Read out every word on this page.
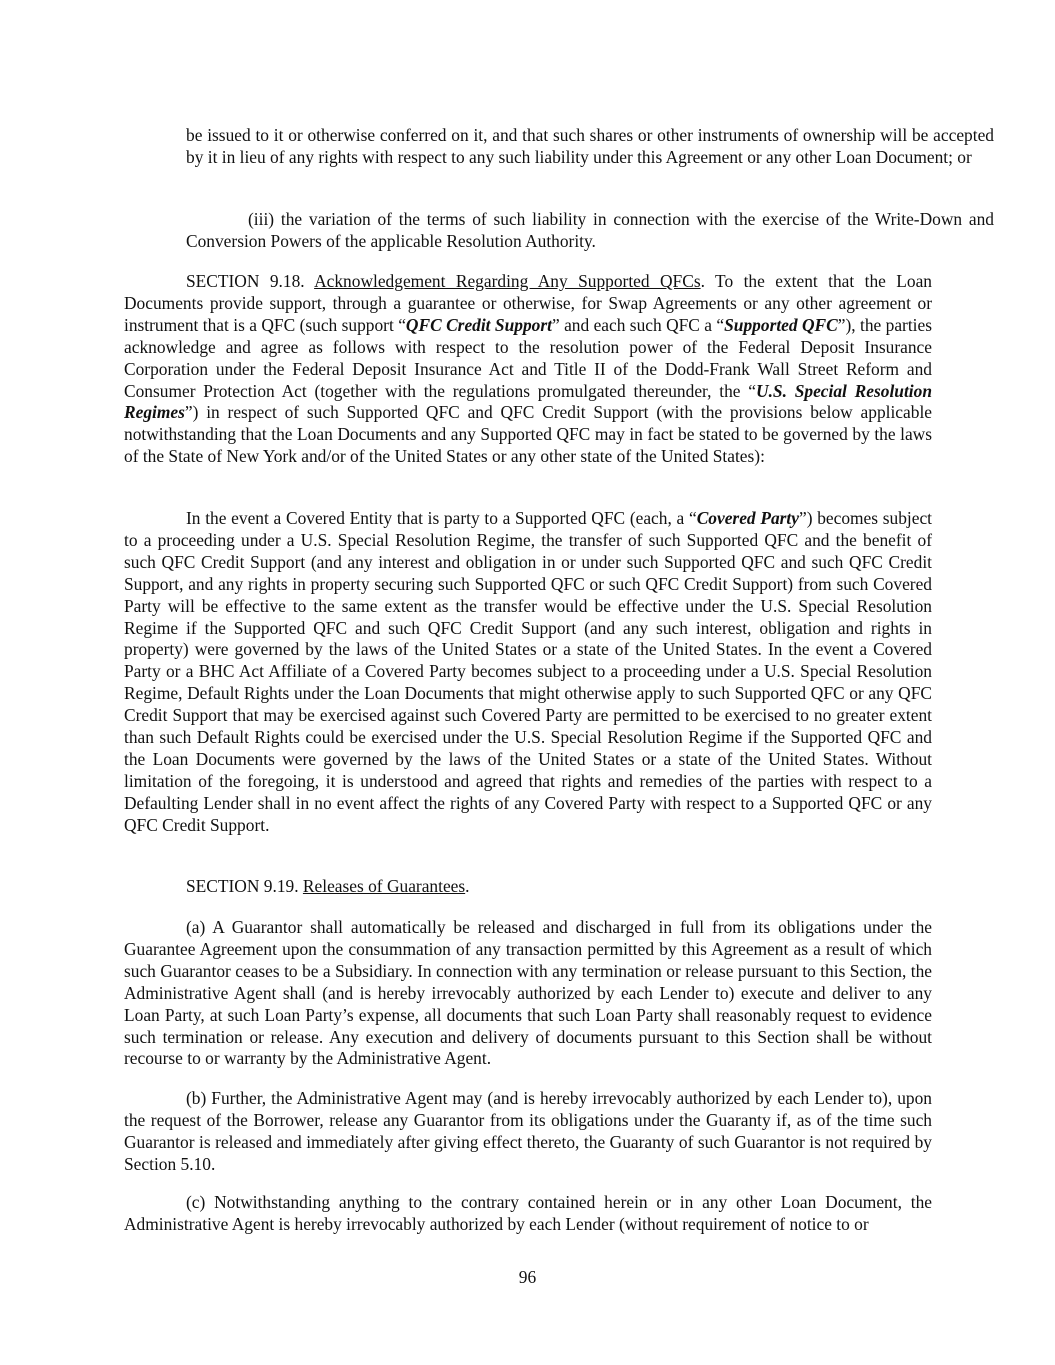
be issued to it or otherwise conferred on it, and that such shares or other instruments of ownership will be accepted by it in lieu of any rights with respect to any such liability under this Agreement or any other Loan Document; or

(iii) the variation of the terms of such liability in connection with the exercise of the Write-Down and Conversion Powers of the applicable Resolution Authority.

SECTION 9.18. Acknowledgement Regarding Any Supported QFCs. To the extent that the Loan Documents provide support, through a guarantee or otherwise, for Swap Agreements or any other agreement or instrument that is a QFC (such support “QFC Credit Support” and each such QFC a “Supported QFC”), the parties acknowledge and agree as follows with respect to the resolution power of the Federal Deposit Insurance Corporation under the Federal Deposit Insurance Act and Title II of the Dodd-Frank Wall Street Reform and Consumer Protection Act (together with the regulations promulgated thereunder, the “U.S. Special Resolution Regimes”) in respect of such Supported QFC and QFC Credit Support (with the provisions below applicable notwithstanding that the Loan Documents and any Supported QFC may in fact be stated to be governed by the laws of the State of New York and/or of the United States or any other state of the United States):

In the event a Covered Entity that is party to a Supported QFC (each, a “Covered Party”) becomes subject to a proceeding under a U.S. Special Resolution Regime, the transfer of such Supported QFC and the benefit of such QFC Credit Support (and any interest and obligation in or under such Supported QFC and such QFC Credit Support, and any rights in property securing such Supported QFC or such QFC Credit Support) from such Covered Party will be effective to the same extent as the transfer would be effective under the U.S. Special Resolution Regime if the Supported QFC and such QFC Credit Support (and any such interest, obligation and rights in property) were governed by the laws of the United States or a state of the United States. In the event a Covered Party or a BHC Act Affiliate of a Covered Party becomes subject to a proceeding under a U.S. Special Resolution Regime, Default Rights under the Loan Documents that might otherwise apply to such Supported QFC or any QFC Credit Support that may be exercised against such Covered Party are permitted to be exercised to no greater extent than such Default Rights could be exercised under the U.S. Special Resolution Regime if the Supported QFC and the Loan Documents were governed by the laws of the United States or a state of the United States. Without limitation of the foregoing, it is understood and agreed that rights and remedies of the parties with respect to a Defaulting Lender shall in no event affect the rights of any Covered Party with respect to a Supported QFC or any QFC Credit Support.

SECTION 9.19. Releases of Guarantees.

(a) A Guarantor shall automatically be released and discharged in full from its obligations under the Guarantee Agreement upon the consummation of any transaction permitted by this Agreement as a result of which such Guarantor ceases to be a Subsidiary. In connection with any termination or release pursuant to this Section, the Administrative Agent shall (and is hereby irrevocably authorized by each Lender to) execute and deliver to any Loan Party, at such Loan Party’s expense, all documents that such Loan Party shall reasonably request to evidence such termination or release. Any execution and delivery of documents pursuant to this Section shall be without recourse to or warranty by the Administrative Agent.

(b) Further, the Administrative Agent may (and is hereby irrevocably authorized by each Lender to), upon the request of the Borrower, release any Guarantor from its obligations under the Guaranty if, as of the time such Guarantor is released and immediately after giving effect thereto, the Guaranty of such Guarantor is not required by Section 5.10.

(c) Notwithstanding anything to the contrary contained herein or in any other Loan Document, the Administrative Agent is hereby irrevocably authorized by each Lender (without requirement of notice to or

96
